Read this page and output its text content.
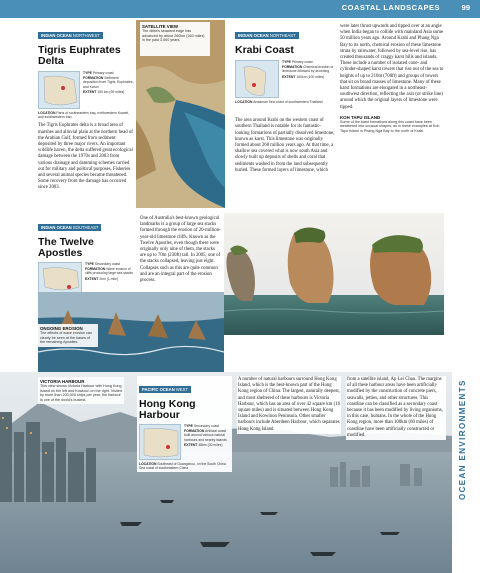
COASTAL LANDSCAPES	99
OCEAN ENVIRONMENTS
SATELLITE VIEW
The delta's seaward edge has advanced by about 260km (160 miles) in the past 3,000 years.
INDIAN OCEAN NORTHWEST
Tigris Euphrates Delta
TYPE Primary coast
FORMATION Sediment deposition from Tigris, Euphrates, and Karun
EXTENT 150 km (90 miles)
LOCATION Parts of southeastern Iraq, northwestern Kuwait, and southwestern Iran
The Tigris Euphrates delta is a broad area of marshes and alluvial plain at the northern head of the Arabian Gulf, formed from sediment deposited by three major rivers. An important wildlife haven, the delta suffered great ecological damage between the 1970s and 2003 from various drainage and damming schemes carried out for military and political purposes. Fisheries and several animal species became threatened. Some recovery from the damage has occurred since 2003.
INDIAN OCEAN NORTHEAST
Krabi Coast
TYPE Primary coast
FORMATION Chemical erosion of limestone followed by drowning
EXTENT 160km (100 miles)
LOCATION Andaman Sea coast of southwestern Thailand
The area around Krabi on the western coast of southern Thailand is notable for its fantastic-looking formations of partially dissolved limestone, known as karst. This limestone was originally formed about 260 million years ago. At that time, a shallow sea covered what is now south Asia and slowly built up deposits of shells and coral that sediments washed in from the land subsequently buried. These formed layers of limestone, which
were later thrust upwards and tipped over at an angle when India began to collide with mainland Asia some 50 million years ago. Around Krabi and Phang Nga Bay to its north, chemical erosion of these limestone strata by rainwater, followed by sea-level rise, has created thousands of craggy karst hills and islands. These include a number of isolated cone- and cylinder-shaped karst towers that rise out of the sea to heights of up to 210m (700ft) and groups of towers that sit on broad masses of limestone. Many of these karst formations are elongated in a northeast-southwest direction, reflecting the axis (or strike line) around which the original layers of limestone were tipped.
KOH TAPU ISLAND
Some of the karst formations along this coast have been weathered into unusual shapes, as in these examples at Koh Tapu Island in Phang Nga Bay to the north of Krabi.
INDIAN OCEAN SOUTHEAST
The Twelve Apostles
TYPE Secondary coast
FORMATION Wave erosion of cliffs producing large sea stacks
EXTENT 2km (1 mile)
One of Australia's best-known geological landmarks is a group of large sea stacks formed through the erosion of 20-million-year-old limestone cliffs. Known as the Twelve Apostles, even though there were originally only nine of them, the stacks are up to 70m (230ft) tall. In 2005, one of the stacks collapsed, leaving just eight. Collapses such as this are quite common and are an integral part of the erosion process.
ONGOING EROSION
The effects of wave erosion can clearly be seen at the bases of the remaining Apostles.
VICTORIA HARBOUR
This view shows Victoria Harbour with Hong Kong Island on the left and Kowloon on the right. Visited by more than 200,000 ships per year, the harbour is one of the world's busiest.
PACIFIC OCEAN WEST
Hong Kong Harbour
TYPE Secondary coast
FORMATION Artificial coast built around various natural harbours and nearby islands
EXTENT 48km (30 miles)
LOCATION Southeast of Guangzhou, on the South China Sea coast of southeastern China
A number of natural harbours surround Hong Kong Island, which is the best-known part of the Hong Kong region of China. The largest, naturally deepest, and most sheltered of these harbours is Victoria Harbour, which has an area of over 42 square km (16 square miles) and is situated between Hong Kong Island and Kowloon Peninsula. Other smaller harbours include Aberdeen Harbour, which separates Hong Kong Island
from a satellite island, Ap Lei Chau. The margins of all these harbour areas have been artificially modified by the construction of concrete piers, seawalls, jetties, and other structures. This coastline can be classified as a secondary coast because it has been modified by living organisms, in this case, humans. In the whole of the Hong Kong region, more than 100km (60 miles) of coastline have been artificially constructed or modified.
